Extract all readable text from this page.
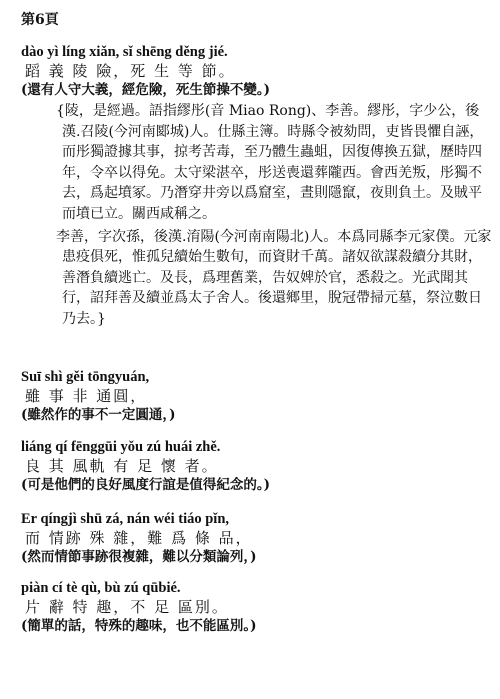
第6頁
dào yì líng xiǎn, sǐ shēng děng jié.
蹈 義 陵 險，死 生 等 節。
(還有人守大義，經危險，死生節操不變。)

{陵，是經過。語指繆彤(音 Miao Rong)、李善。繆彤，字少公，後漢.召陵(今河南郾城)人。仕縣主簿。時縣令被劾問，吏皆畏懼自誣，而彤獨證據其事，掠考苦毒，至乃體生蟲蛆，因復傳換五獄，歷時四年，令卒以得免。太守梁湛卒，彤送喪還葬隴西。會西羌叛，彤獨不去，爲起墳冢。乃潛穿井旁以爲窟室，晝則隱竄，夜則負土。及賊平而墳已立。關西咸稱之。

李善，字次孫，後漢.淯陽(今河南南陽北)人。本爲同縣李元家僕。元家患疫俱死，惟孤兒續始生數旬，而資財千萬。諸奴欲謀殺續分其財，善潛負續逃亡。及長，爲理舊業，告奴婢於官，悉殺之。光武聞其行，詔拜善及續並爲太子舍人。後還鄉里，脫冠帶掃元墓，祭泣數日乃去。}

Suī shì gěi tōngyuán,
雖 事 非 通圓，
(雖然作的事不一定圓通，)
liáng qí fēnggūi yǒu zú huái zhě.
良 其 風軌 有 足 懷 者。
(可是他們的良好風度行誼是值得紀念的。)
Er qíngjì shū zá, nán wéi tiáo pǐn,
而 情跡 殊 雜，難 爲 條 品，
(然而情節事跡很複雜，難以分類論列，)
piàn cí tè qù, bù zú qūbié.
片 辭 特 趣，不 足 區別。
(簡單的話，特殊的趣味，也不能區別。)
